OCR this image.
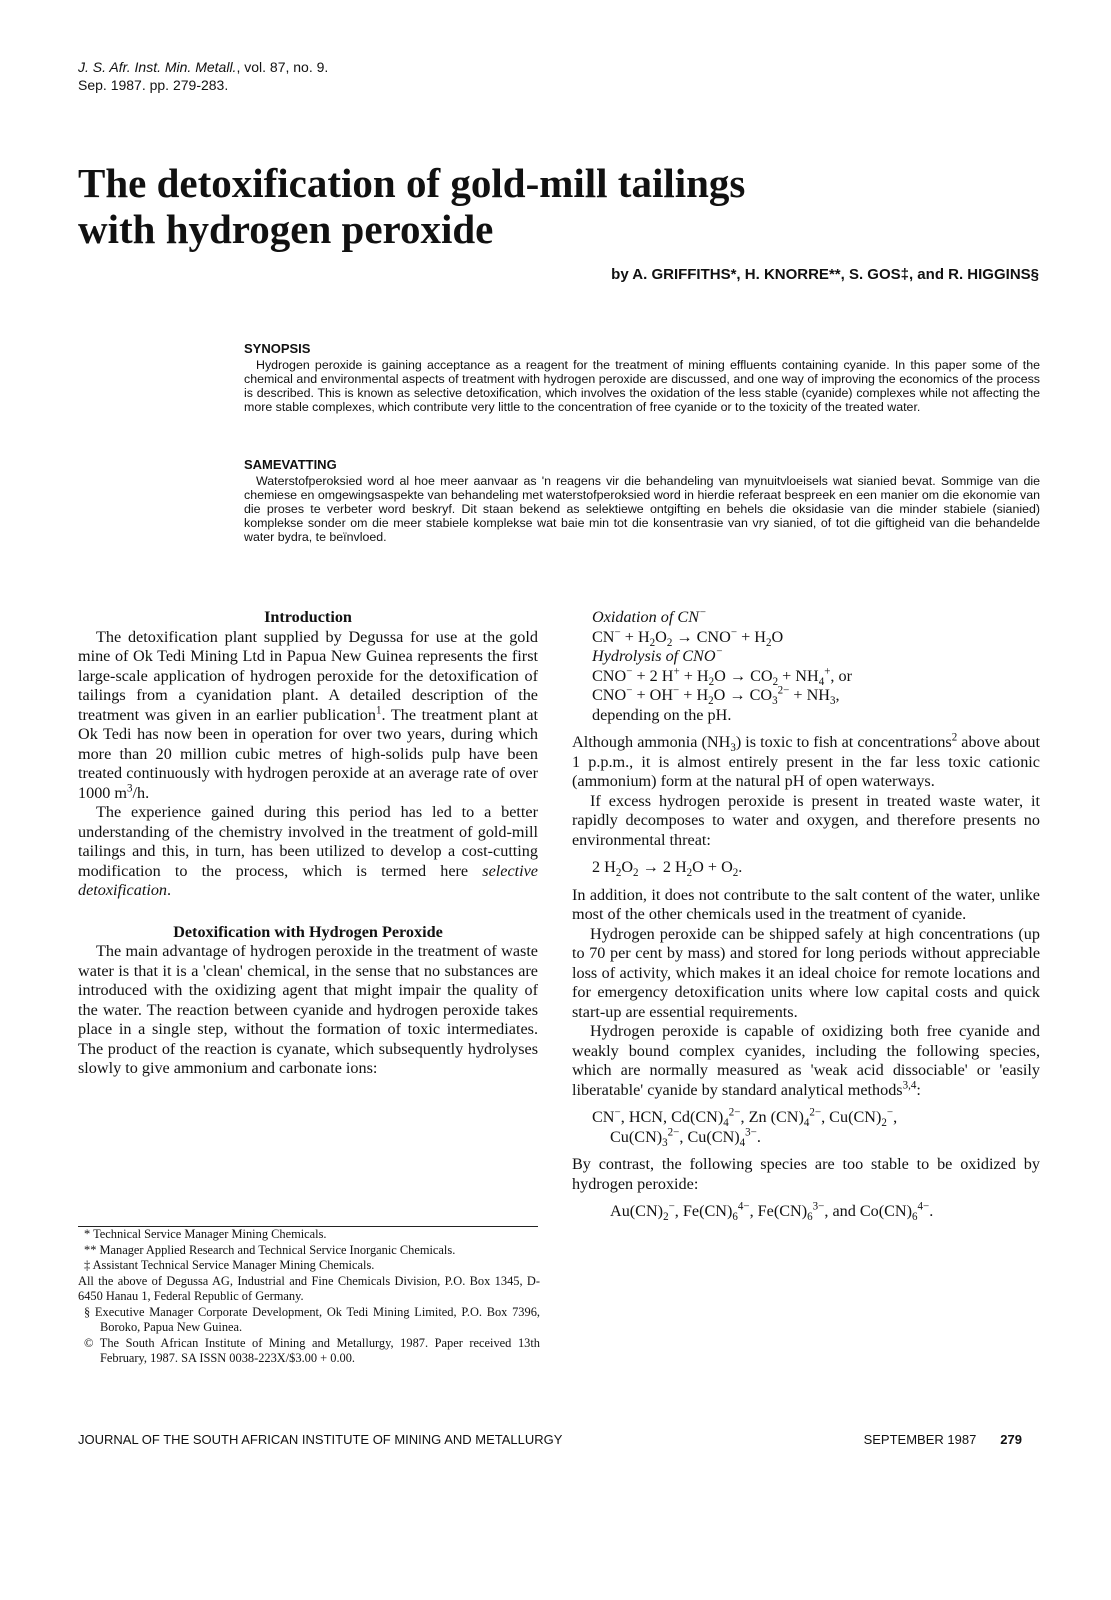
J. S. Afr. Inst. Min. Metall., vol. 87, no. 9.
Sep. 1987. pp. 279-283.
The detoxification of gold-mill tailings
with hydrogen peroxide
by A. GRIFFITHS*, H. KNORRE**, S. GOS‡, and R. HIGGINS§
SYNOPSIS

Hydrogen peroxide is gaining acceptance as a reagent for the treatment of mining effluents containing cyanide. In this paper some of the chemical and environmental aspects of treatment with hydrogen peroxide are discussed, and one way of improving the economics of the process is described. This is known as selective detoxification, which involves the oxidation of the less stable (cyanide) complexes while not affecting the more stable complexes, which contribute very little to the concentration of free cyanide or to the toxicity of the treated water.

SAMEVATTING

Waterstofperoksied word al hoe meer aanvaar as 'n reagens vir die behandeling van mynuitvloeisels wat sianied bevat. Sommige van die chemiese en omgewingsaspekte van behandeling met waterstofperoksied word in hierdie referaat bespreek en een manier om die ekonomie van die proses te verbeter word beskryf. Dit staan bekend as selektiewe ontgifting en behels die oksidasie van die minder stabiele (sianied) komplekse sonder om die meer stabiele komplekse wat baie min tot die konsentrasie van vry sianied, of tot die giftigheid van die behandelde water bydra, te beïnvloed.

Introduction

The detoxification plant supplied by Degussa for use at the gold mine of Ok Tedi Mining Ltd in Papua New Guinea represents the first large-scale application of hydrogen peroxide for the detoxification of tailings from a cyanidation plant. A detailed description of the treatment was given in an earlier publication$^1$. The treatment plant at Ok Tedi has now been in operation for over two years, during which more than 20 million cubic metres of high-solids pulp have been treated continuously with hydrogen peroxide at an average rate of over 1000 $m^3/h$.

The experience gained during this period has led to a better understanding of the chemistry involved in the treatment of gold-mill tailings and this, in turn, has been utilized to develop a cost-cutting modification to the process, which is termed here selective detoxification.

Detoxification with Hydrogen Peroxide

The main advantage of hydrogen peroxide in the treatment of waste water is that it is a 'clean' chemical, in the sense that no substances are introduced with the oxidizing agent that might impair the quality of the water. The reaction between cyanide and hydrogen peroxide takes place in a single step, without the formation of toxic intermediates. The product of the reaction is cyanate, which subsequently hydrolyses slowly to give ammonium and carbonate ions:

Oxidation of CN−
$CN^- + H_2O_2 \to CNO^- + H_2O$
Hydrolysis of CNO−
CNO− + 2 $H^+ + H_2O \to CO_2 + NH_4^+$, or
$CNO^- + OH^- + H_2O \to CO_3^{2-} + NH_3$,
depending on the pH.

Although ammonia $(NH_3)$ is toxic to fish at concentrations$^2$ above about 1 p.p.m., it is almost entirely present in the far less toxic cationic (ammonium) form at the natural pH of open waterways.

If excess hydrogen peroxide is present in treated waste water, it rapidly decomposes to water and oxygen, and therefore presents no environmental threat:

2 $H_2O_2 \to 2$ $H_2O + O_2$.

In addition, it does not contribute to the salt content of the water, unlike most of the other chemicals used in the treatment of cyanide.

Hydrogen peroxide can be shipped safely at high concentrations (up to 70 per cent by mass) and stored for long periods without appreciable loss of activity, which makes it an ideal choice for remote locations and for emergency detoxification units where low capital costs and quick start-up are essential requirements.

Hydrogen peroxide is capable of oxidizing both free cyanide and weakly bound complex cyanides, including the following species, which are normally measured as 'weak acid dissociable' or 'easily liberatable' cyanide by standard analytical methods$^{3,4}$:

CN−, HCN, $Cd(CN)_4^{2-}$, Zn $(CN)_4^{2-}$, $Cu(CN)_2^-$,
$Cu(CN)_3^{2-}$, $Cu(CN)_4^{3-}$.

By contrast, the following species are too stable to be oxidized by hydrogen peroxide:

$Au(CN)_2^-$, $Fe(CN)_6^{4-}$, $Fe(CN)_6^{3-}$, and $Co(CN)_6^{4-}$.
* Technical Service Manager Mining Chemicals.
** Manager Applied Research and Technical Service Inorganic Chemicals.
‡ Assistant Technical Service Manager Mining Chemicals.
All the above of Degussa AG, Industrial and Fine Chemicals Division, P.O. Box 1345, D-6450 Hanau 1, Federal Republic of Germany.
§ Executive Manager Corporate Development, Ok Tedi Mining Limited, P.O. Box 7396, Boroko, Papua New Guinea.
© The South African Institute of Mining and Metallurgy, 1987. Paper received 13th February, 1987. SA ISSN 0038-223X/$3.00 + 0.00.
JOURNAL OF THE SOUTH AFRICAN INSTITUTE OF MINING AND METALLURGY	SEPTEMBER 1987 279
